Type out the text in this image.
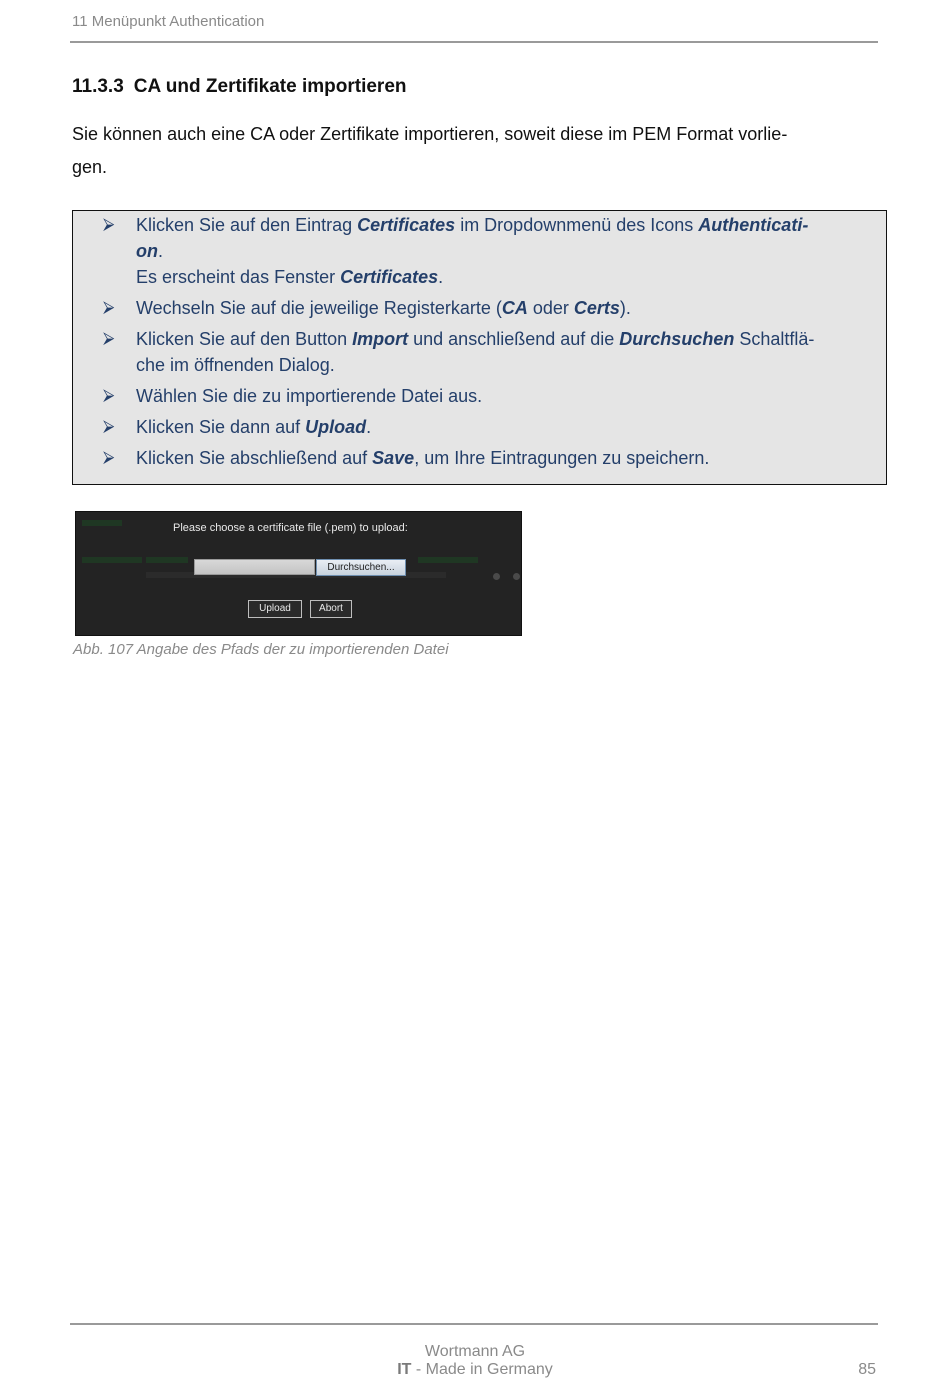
11 Menüpunkt Authentication
11.3.3 CA und Zertifikate importieren
Sie können auch eine CA oder Zertifikate importieren, soweit diese im PEM Format vorlie-
gen.
⮚ Klicken Sie auf den Eintrag Certificates im Dropdownmenü des Icons Authenticati-
on.
Es erscheint das Fenster Certificates.
⮚ Wechseln Sie auf die jeweilige Registerkarte (CA oder Certs).
⮚ Klicken Sie auf den Button Import und anschließend auf die Durchsuchen Schaltflä-
che im öffnenden Dialog.
⮚ Wählen Sie die zu importierende Datei aus.
⮚ Klicken Sie dann auf Upload.
⮚ Klicken Sie abschließend auf Save, um Ihre Eintragungen zu speichern.
Please choose a certificate file (.pem) to upload:
Durchsuchen...
Upload	Abort
Abb. 107 Angabe des Pfads der zu importierenden Datei
Wortmann AG
IT - Made in Germany	85
